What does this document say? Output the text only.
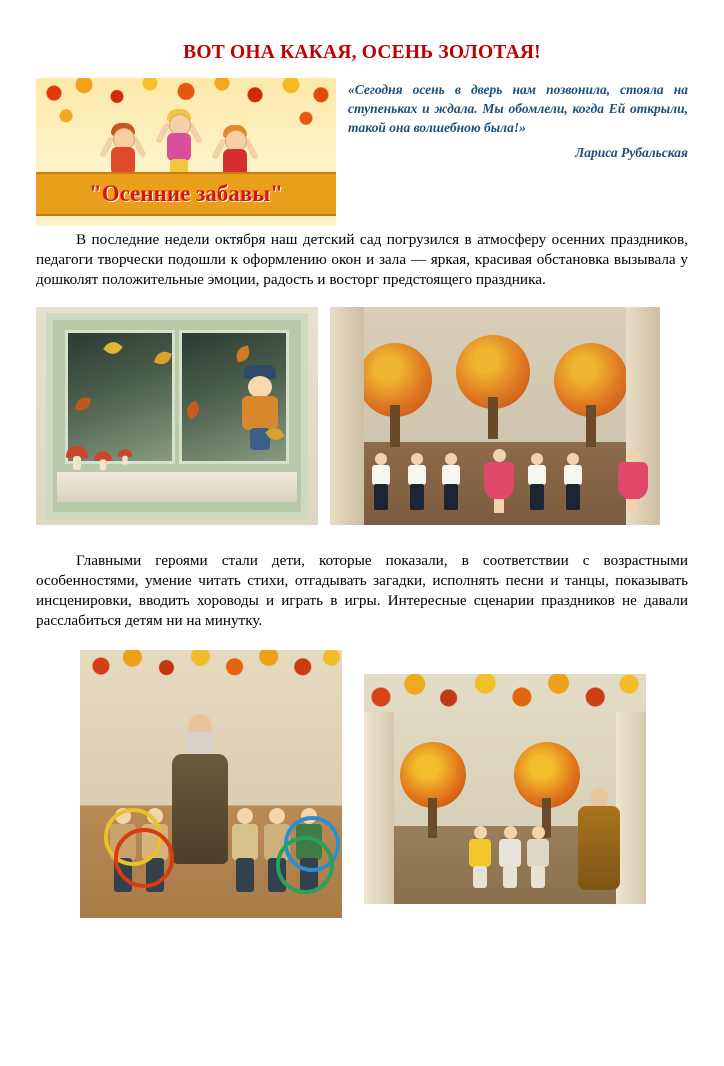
ВОТ ОНА КАКАЯ, ОСЕНЬ ЗОЛОТАЯ!
"Осенние забавы"

«Сегодня осень в дверь нам позвонила, стояла на ступеньках и ждала. Мы обомлели, когда Ей открыли, такой она волшебною была!»

Лариса Рубальская

В последние недели октября наш детский сад погрузился в атмосферу осенних праздников, педагоги творчески подошли к оформлению окон и зала — яркая, красивая обстановка вызывала у дошколят положительные эмоции, радость и восторг предстоящего праздника.

Главными героями стали дети, которые показали, в соответствии с возрастными особенностями, умение читать стихи, отгадывать загадки, исполнять песни и танцы, показывать инсценировки, вводить хороводы и играть в игры. Интересные сценарии праздников не давали расслабиться детям ни на минутку.
